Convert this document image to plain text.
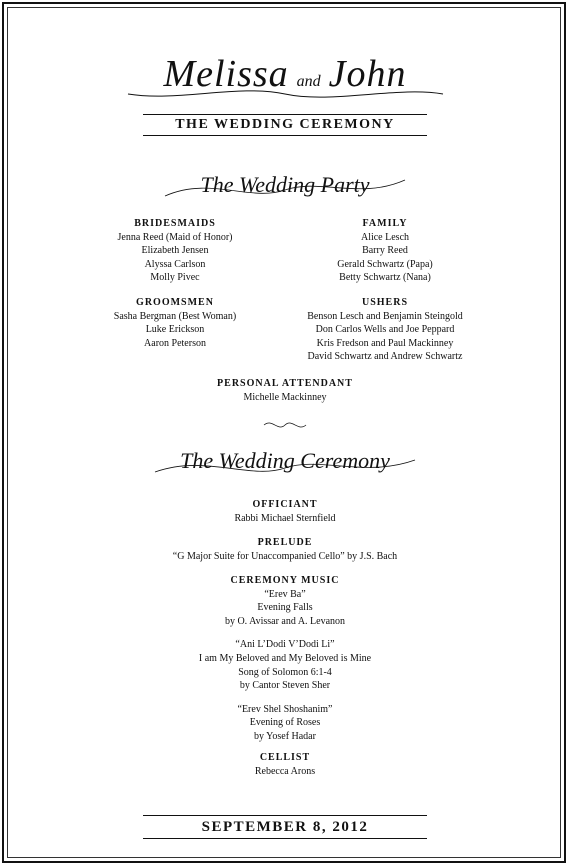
Melissa and John
THE WEDDING CEREMONY
The Wedding Party
BRIDESMAIDS
Jenna Reed (Maid of Honor)
Elizabeth Jensen
Alyssa Carlson
Molly Pivec
FAMILY
Alice Lesch
Barry Reed
Gerald Schwartz (Papa)
Betty Schwartz (Nana)
GROOMSMEN
Sasha Bergman (Best Woman)
Luke Erickson
Aaron Peterson
USHERS
Benson Lesch and Benjamin Steingold
Don Carlos Wells and Joe Peppard
Kris Fredson and Paul Mackinney
David Schwartz and Andrew Schwartz
PERSONAL ATTENDANT
Michelle Mackinney
The Wedding Ceremony
OFFICIANT
Rabbi Michael Sternfield
PRELUDE
“G Major Suite for Unaccompanied Cello” by J.S. Bach
CEREMONY MUSIC
“Erev Ba”
Evening Falls
by O. Avissar and A. Levanon
“Ani L’Dodi V’Dodi Li”
I am My Beloved and My Beloved is Mine
Song of Solomon 6:1-4
by Cantor Steven Sher
“Erev Shel Shoshanim”
Evening of Roses
by Yosef Hadar
CELLIST
Rebecca Arons
SEPTEMBER 8, 2012
